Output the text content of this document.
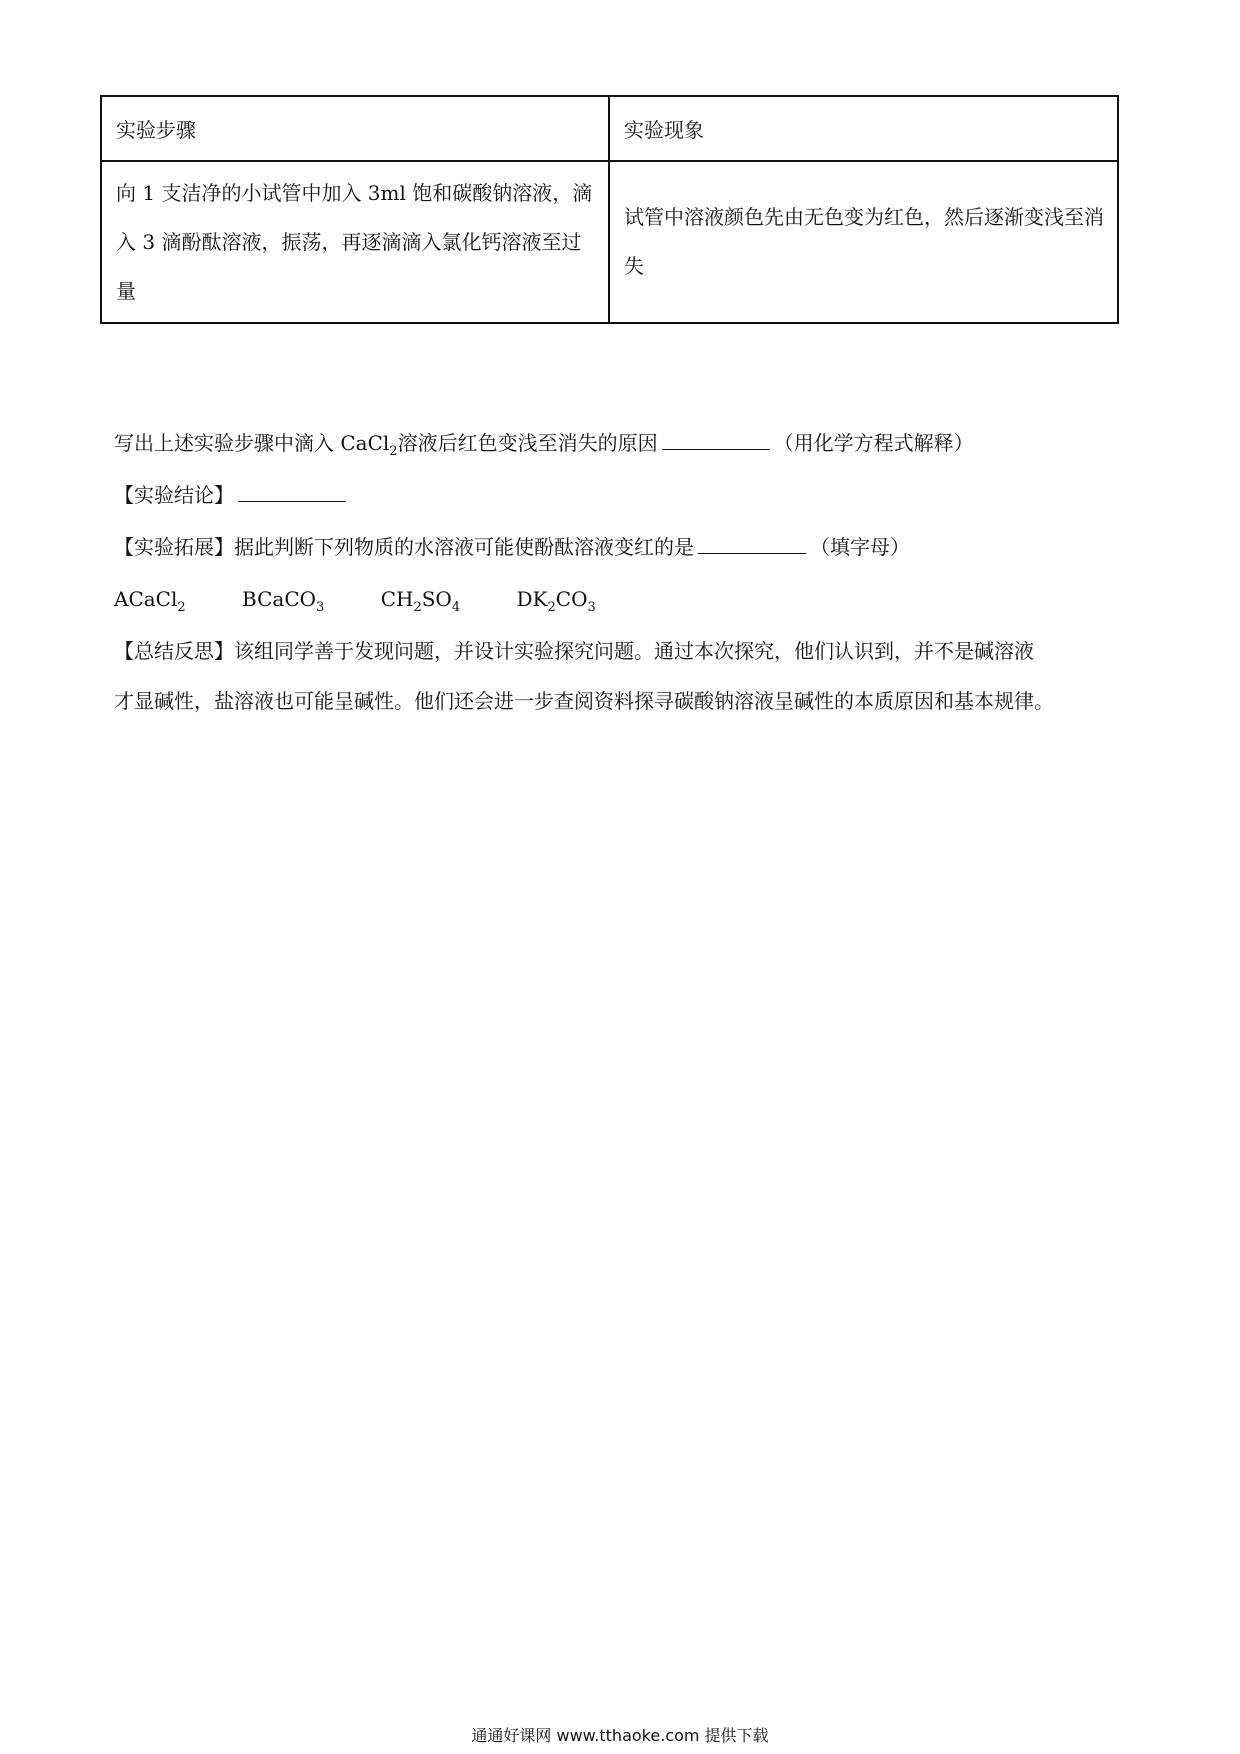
实验步骤	实验现象
向 1 支洁净的小试管中加入 3ml 饱和碳酸钠溶液，滴入 3 滴酚酞溶液，振荡，再逐滴滴入氯化钙溶液至过量	试管中溶液颜色先由无色变为红色，然后逐渐变浅至消失
写出上述实验步骤中滴入 CaCl$_2$溶液后红色变浅至消失的原因	（用化学方程式解释）
【实验结论】
【实验拓展】据此判断下列物质的水溶液可能使酚酞溶液变红的是	（填字母）
ACaCl$_2$	BCaCO$_3$	$CH_2SO_4$	$DK_2CO_3$
【总结反思】该组同学善于发现问题，并设计实验探究问题。通过本次探究，他们认识到，并不是碱溶液
才显碱性，盐溶液也可能呈碱性。他们还会进一步查阅资料探寻碳酸钠溶液呈碱性的本质原因和基本规律。
通通好课网 www.tthaoke.com 提供下载
